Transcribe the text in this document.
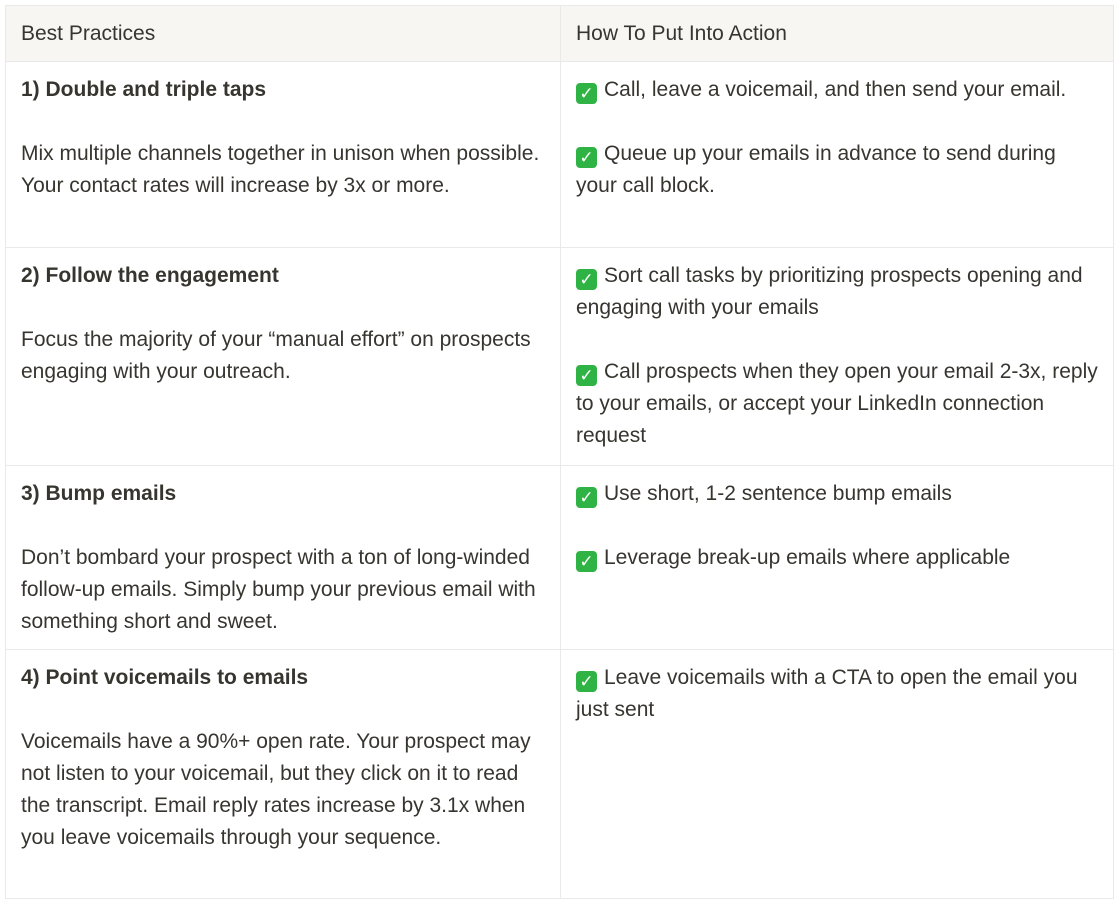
Best Practices	How To Put Into Action
1) Double and triple taps
Mix multiple channels together in unison when possible. Your contact rates will increase by 3x or more.
✓ Call, leave a voicemail, and then send your email.
✓ Queue up your emails in advance to send during your call block.
2) Follow the engagement
Focus the majority of your “manual effort” on prospects engaging with your outreach.
✓ Sort call tasks by prioritizing prospects opening and engaging with your emails
✓ Call prospects when they open your email 2-3x, reply to your emails, or accept your LinkedIn connection request
3) Bump emails
Don’t bombard your prospect with a ton of long-winded follow-up emails. Simply bump your previous email with something short and sweet.
✓ Use short, 1-2 sentence bump emails
✓ Leverage break-up emails where applicable
4) Point voicemails to emails
Voicemails have a 90%+ open rate. Your prospect may not listen to your voicemail, but they click on it to read the transcript. Email reply rates increase by 3.1x when you leave voicemails through your sequence.
✓ Leave voicemails with a CTA to open the email you just sent
